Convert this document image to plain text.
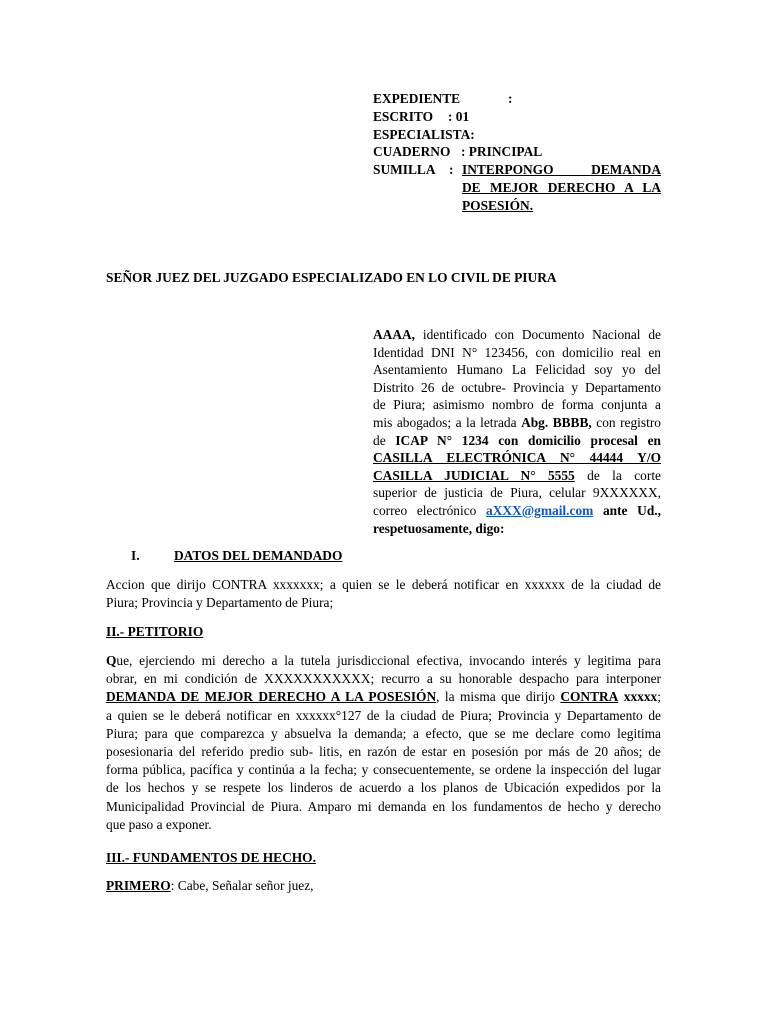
EXPEDIENTE	:
ESCRITO : 01
ESPECIALISTA:
CUADERNO : PRINCIPAL
SUMILLA : INTERPONGO DEMANDA
DE MEJOR DERECHO A LA
POSESIÓN.
SEÑOR JUEZ DEL JUZGADO ESPECIALIZADO EN LO CIVIL DE PIURA
AAAA, identificado con Documento Nacional de
Identidad DNI N° 123456, con domicilio real en
Asentamiento Humano La Felicidad soy yo del
Distrito 26 de octubre- Provincia y Departamento
de Piura; asimismo nombro de forma conjunta a
mis abogados; a la letrada Abg. BBBB, con registro
de ICAP N° 1234 con domicilio procesal en
CASILLA ELECTRÓNICA N° 44444 Y/O
CASILLA JUDICIAL N° 5555 de la corte
superior de justicia de Piura, celular 9XXXXXX,
correo electrónico aXXX@gmail.com ante Ud.,
respetuosamente, digo:
I.	DATOS DEL DEMANDADO
Accion que dirijo CONTRA xxxxxxx; a quien se le deberá notificar en xxxxxx de la ciudad de
Piura; Provincia y Departamento de Piura;
II.- PETITORIO
Que, ejerciendo mi derecho a la tutela jurisdiccional efectiva, invocando interés y legitima para
obrar, en mi condición de XXXXXXXXXXX; recurro a su honorable despacho para interponer
DEMANDA DE MEJOR DERECHO A LA POSESIÓN, la misma que dirijo CONTRA xxxxx;
a quien se le deberá notificar en xxxxxx°127 de la ciudad de Piura; Provincia y Departamento de
Piura; para que comparezca y absuelva la demanda; a efecto, que se me declare como legitima
posesionaria del referido predio sub- litis, en razón de estar en posesión por más de 20 años; de
forma pública, pacífica y continúa a la fecha; y consecuentemente, se ordene la inspección del lugar
de los hechos y se respete los linderos de acuerdo a los planos de Ubicación expedidos por la
Municipalidad Provincial de Piura. Amparo mi demanda en los fundamentos de hecho y derecho
que paso a exponer.
III.- FUNDAMENTOS DE HECHO.
PRIMERO: Cabe, Señalar señor juez,
